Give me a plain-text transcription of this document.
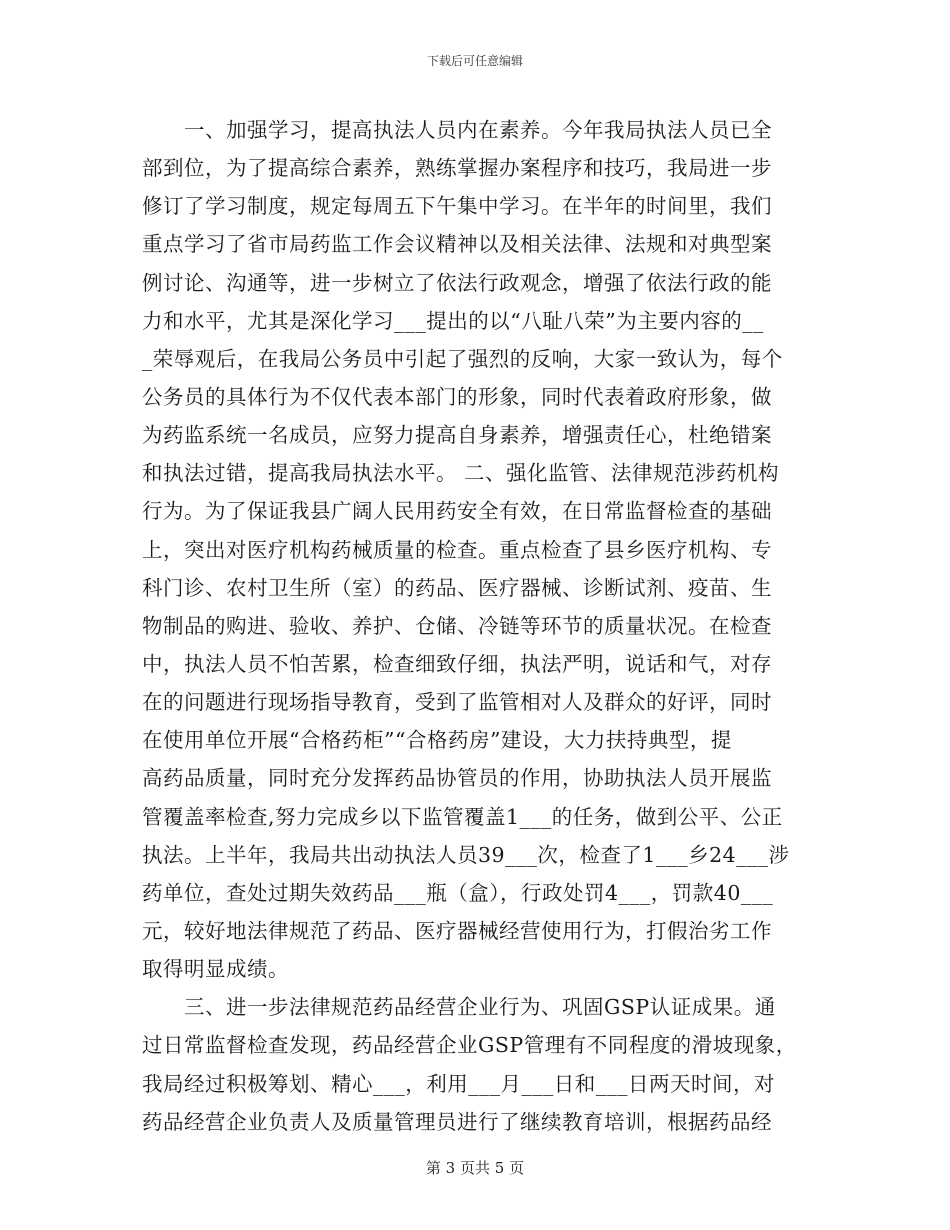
下载后可任意编辑
　　一、加强学习，提高执法人员内在素养。今年我局执法人员已全
部到位，为了提高综合素养，熟练掌握办案程序和技巧，我局进一步
修订了学习制度，规定每周五下午集中学习。在半年的时间里，我们
重点学习了省市局药监工作会议精神以及相关法律、法规和对典型案
例讨论、沟通等，进一步树立了依法行政观念，增强了依法行政的能
力和水平，尤其是深化学习___提出的以“八耻八荣”为主要内容的__
_荣辱观后，在我局公务员中引起了强烈的反响，大家一致认为，每个
公务员的具体行为不仅代表本部门的形象，同时代表着政府形象，做
为药监系统一名成员，应努力提高自身素养，增强责任心，杜绝错案
和执法过错，提高我局执法水平。 二、强化监管、法律规范涉药机构
行为。为了保证我县广阔人民用药安全有效，在日常监督检查的基础
上，突出对医疗机构药械质量的检查。重点检查了县乡医疗机构、专
科门诊、农村卫生所（室）的药品、医疗器械、诊断试剂、疫苗、生
物制品的购进、验收、养护、仓储、冷链等环节的质量状况。在检查
中，执法人员不怕苦累，检查细致仔细，执法严明，说话和气，对存
在的问题进行现场指导教育，受到了监管相对人及群众的好评，同时
在使用单位开展“合格药柜”“合格药房”建设，大力扶持典型，提
高药品质量，同时充分发挥药品协管员的作用，协助执法人员开展监
管覆盖率检查,努力完成乡以下监管覆盖1___的任务，做到公平、公正
执法。上半年，我局共出动执法人员39___次，检查了1___乡24___涉
药单位，查处过期失效药品___瓶（盒），行政处罚4___，罚款40___
元，较好地法律规范了药品、医疗器械经营使用行为，打假治劣工作
取得明显成绩。
　　三、进一步法律规范药品经营企业行为、巩固GSP认证成果。通
过日常监督检查发现，药品经营企业GSP管理有不同程度的滑坡现象，
我局经过积极筹划、精心___，利用___月___日和___日两天时间，对
药品经营企业负责人及质量管理员进行了继续教育培训，根据药品经
第 3 页共 5 页
